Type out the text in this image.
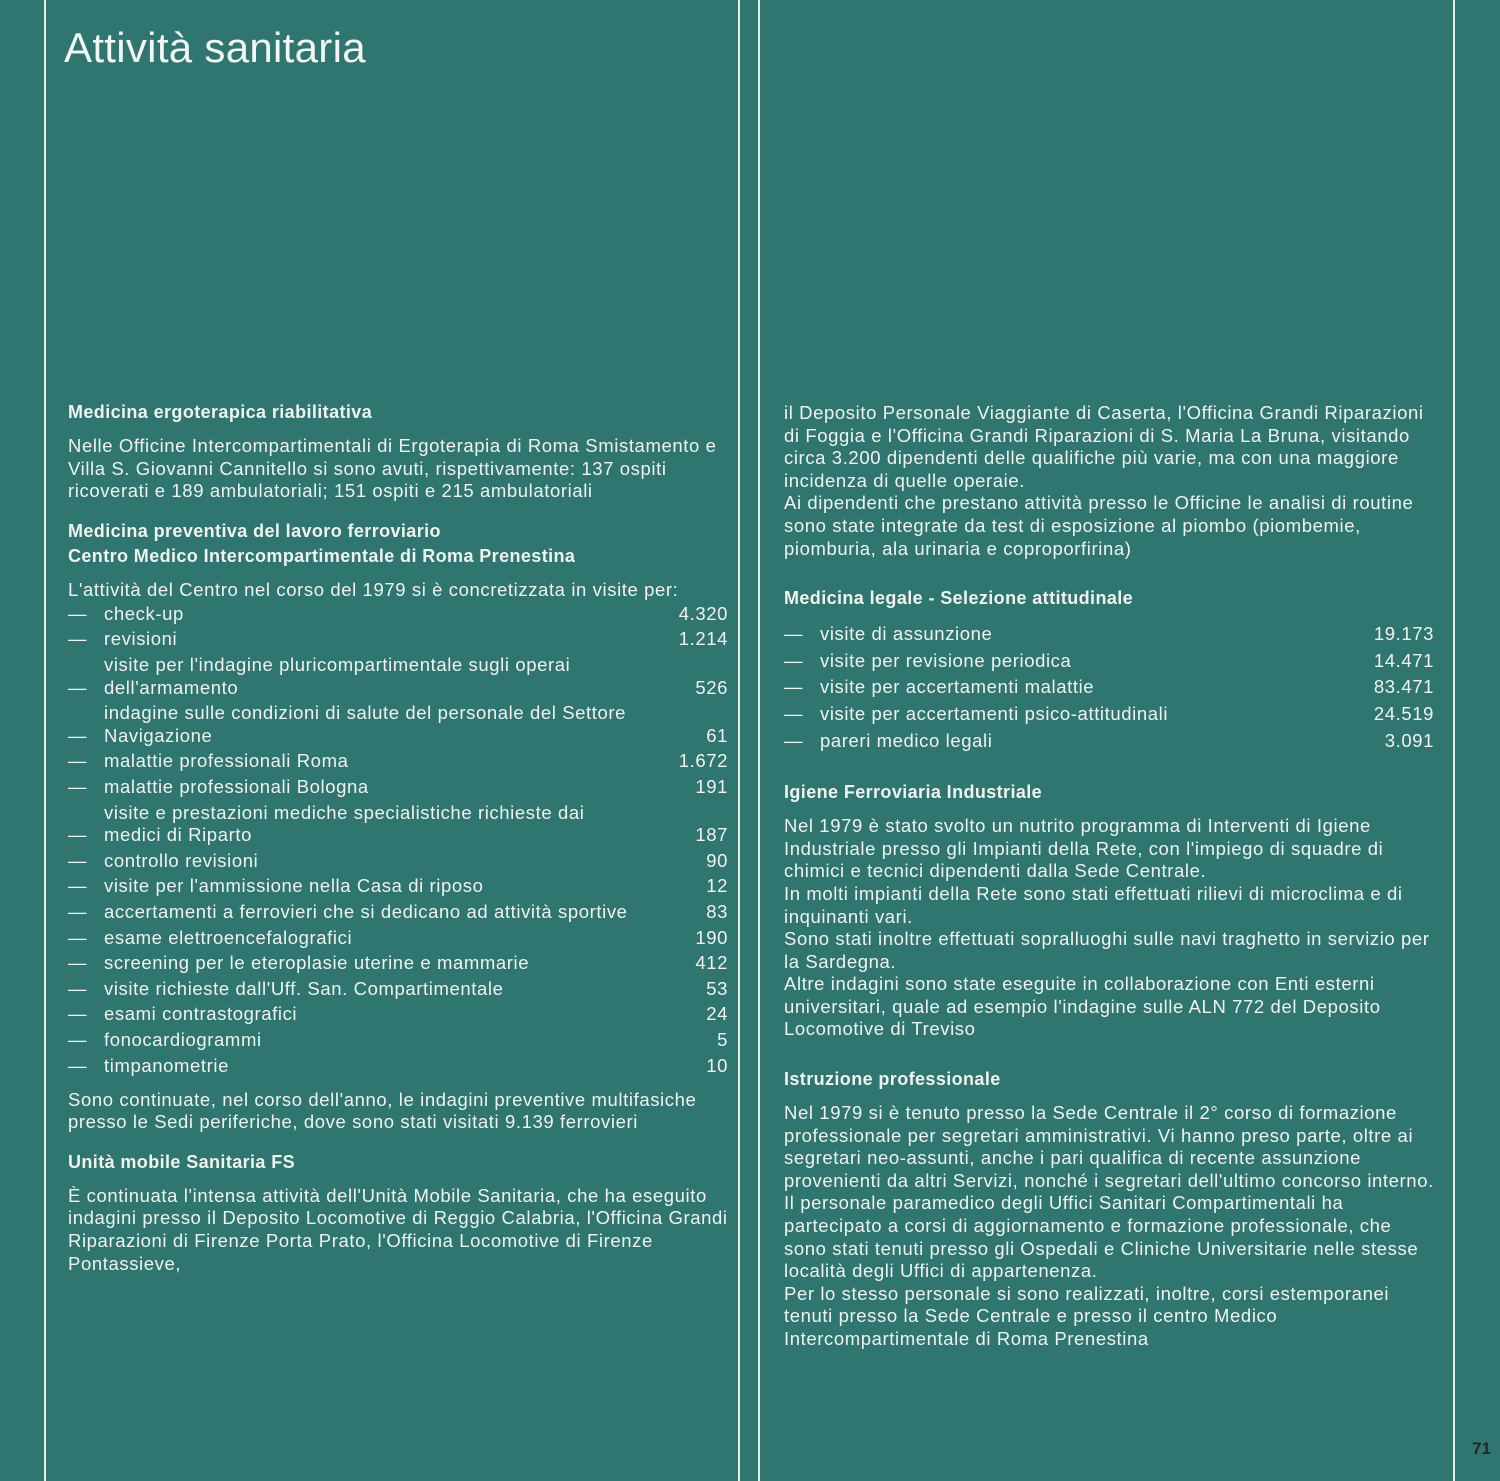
Attività sanitaria
Medicina ergoterapica riabilitativa

Nelle Officine Intercompartimentali di Ergoterapia di Roma Smistamento e Villa S. Giovanni Cannitello si sono avuti, rispettivamente: 137 ospiti ricoverati e 189 ambulatoriali; 151 ospiti e 215 ambulatoriali

Medicina preventiva del lavoro ferroviario
Centro Medico Intercompartimentale di Roma Prenestina

L'attività del Centro nel corso del 1979 si è concretizzata in visite per:

— check-up	4.320
— revisioni	1.214
—
visite per l'indagine pluricompartimentale sugli operai dell'armamento	526
—
indagine sulle condizioni di salute del personale del Settore Navigazione	61
— malattie professionali Roma	1.672
— malattie professionali Bologna	191
—
visite e prestazioni mediche specialistiche richieste dai medici di Riparto	187
— controllo revisioni	90
— visite per l'ammissione nella Casa di riposo	12
— accertamenti a ferrovieri che si dedicano ad attività sportive	83
— esame elettroencefalografici	190
— screening per le eteroplasie uterine e mammarie	412
— visite richieste dall'Uff. San. Compartimentale	53
— esami contrastografici	24
— fonocardiogrammi	5
— timpanometrie	10

Sono continuate, nel corso dell'anno, le indagini preventive multifasiche presso le Sedi periferiche, dove sono stati visitati 9.139 ferrovieri

Unità mobile Sanitaria FS

È continuata l'intensa attività dell'Unità Mobile Sanitaria, che ha eseguito indagini presso il Deposito Locomotive di Reggio Calabria, l'Officina Grandi Riparazioni di Firenze Porta Prato, l'Officina Locomotive di Firenze Pontassieve,

il Deposito Personale Viaggiante di Caserta, l'Officina Grandi Riparazioni di Foggia e l'Officina Grandi Riparazioni di S. Maria La Bruna, visitando circa 3.200 dipendenti delle qualifiche più varie, ma con una maggiore incidenza di quelle operaie.

Ai dipendenti che prestano attività presso le Officine le analisi di routine sono state integrate da test di esposizione al piombo (piombemie, piomburia, ala urinaria e coproporfirina)

Medicina legale - Selezione attitudinale
— visite di assunzione	19.173
— visite per revisione periodica	14.471
— visite per accertamenti malattie	83.471
— visite per accertamenti psico-attitudinali	24.519
— pareri medico legali	3.091
Igiene Ferroviaria Industriale

Nel 1979 è stato svolto un nutrito programma di Interventi di Igiene Industriale presso gli Impianti della Rete, con l'impiego di squadre di chimici e tecnici dipendenti dalla Sede Centrale.

In molti impianti della Rete sono stati effettuati rilievi di microclima e di inquinanti vari.

Sono stati inoltre effettuati sopralluoghi sulle navi traghetto in servizio per la Sardegna.

Altre indagini sono state eseguite in collaborazione con Enti esterni universitari, quale ad esempio l'indagine sulle ALN 772 del Deposito Locomotive di Treviso

Istruzione professionale

Nel 1979 si è tenuto presso la Sede Centrale il 2° corso di formazione professionale per segretari amministrativi. Vi hanno preso parte, oltre ai segretari neo-assunti, anche i pari qualifica di recente assunzione provenienti da altri Servizi, nonché i segretari dell'ultimo concorso interno.

Il personale paramedico degli Uffici Sanitari Compartimentali ha partecipato a corsi di aggiornamento e formazione professionale, che sono stati tenuti presso gli Ospedali e Cliniche Universitarie nelle stesse località degli Uffici di appartenenza.

Per lo stesso personale si sono realizzati, inoltre, corsi estemporanei tenuti presso la Sede Centrale e presso il centro Medico Intercompartimentale di Roma Prenestina

71
